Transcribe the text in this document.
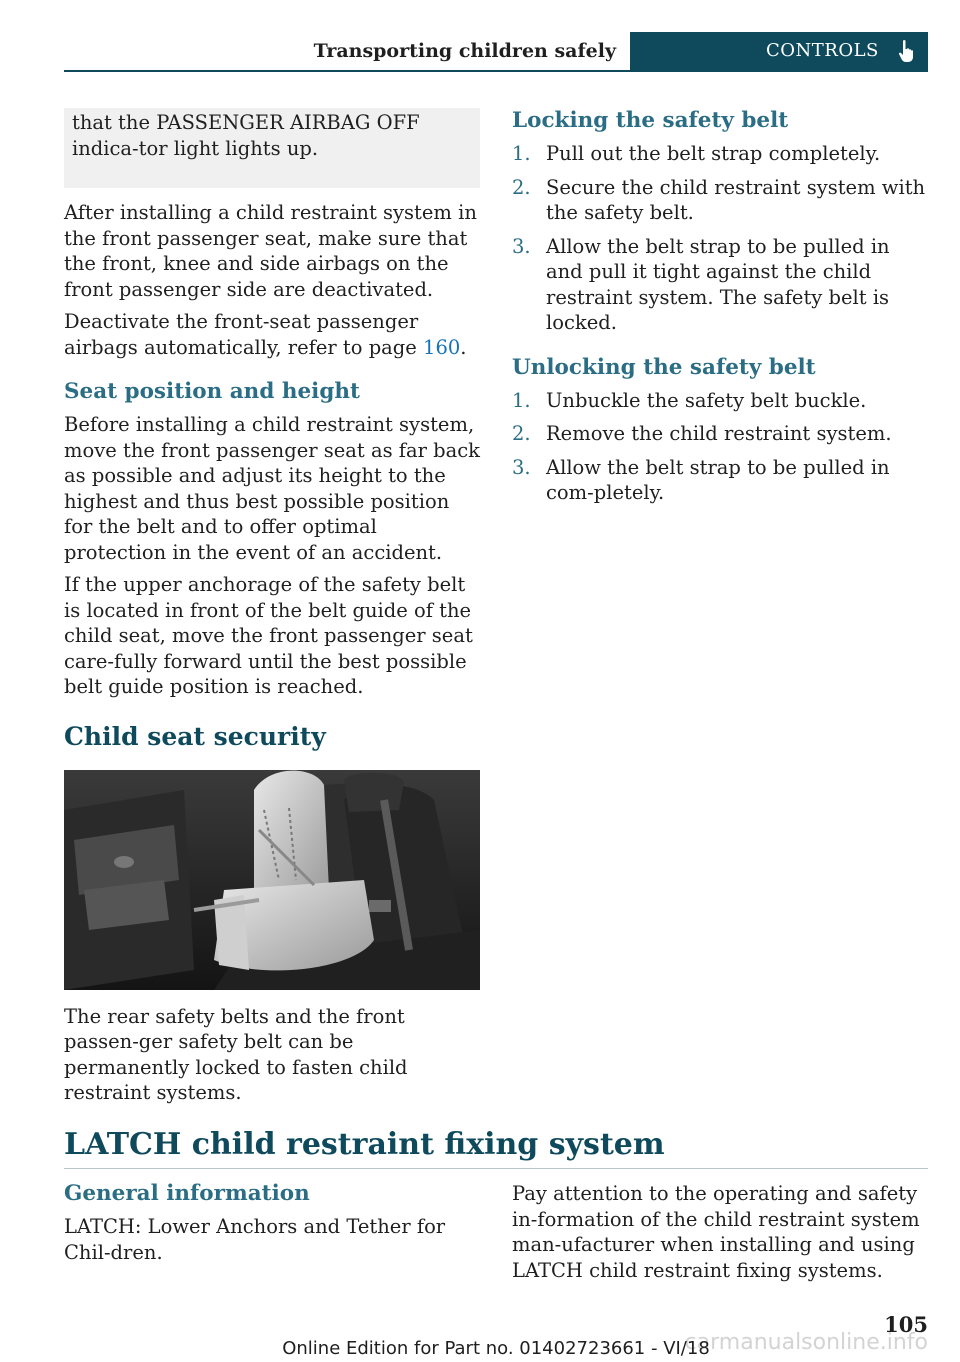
Transporting children safely	CONTROLS

that the PASSENGER AIRBAG OFF indica-tor light lights up.

After installing a child restraint system in the front passenger seat, make sure that the front, knee and side airbags on the front passenger side are deactivated.

Deactivate the front-seat passenger airbags automatically, refer to page 160.

Seat position and height

Before installing a child restraint system, move the front passenger seat as far back as possible and adjust its height to the highest and thus best possible position for the belt and to offer optimal protection in the event of an accident.

If the upper anchorage of the safety belt is located in front of the belt guide of the child seat, move the front passenger seat care-fully forward until the best possible belt guide position is reached.

Child seat security

The rear safety belts and the front passen-ger safety belt can be permanently locked to fasten child restraint systems.

Locking the safety belt
1. Pull out the belt strap completely.
2. Secure the child restraint system with the safety belt.
3. Allow the belt strap to be pulled in and pull it tight against the child restraint system. The safety belt is locked.
Unlocking the safety belt
1. Unbuckle the safety belt buckle.
2. Remove the child restraint system.
3. Allow the belt strap to be pulled in com-pletely.
LATCH child restraint fixing system
General information

LATCH: Lower Anchors and Tether for Chil-dren.

Pay attention to the operating and safety in-formation of the child restraint system man-ufacturer when installing and using LATCH child restraint fixing systems.

carmanualsonline.info
105
Online Edition for Part no. 01402723661 - VI/18
